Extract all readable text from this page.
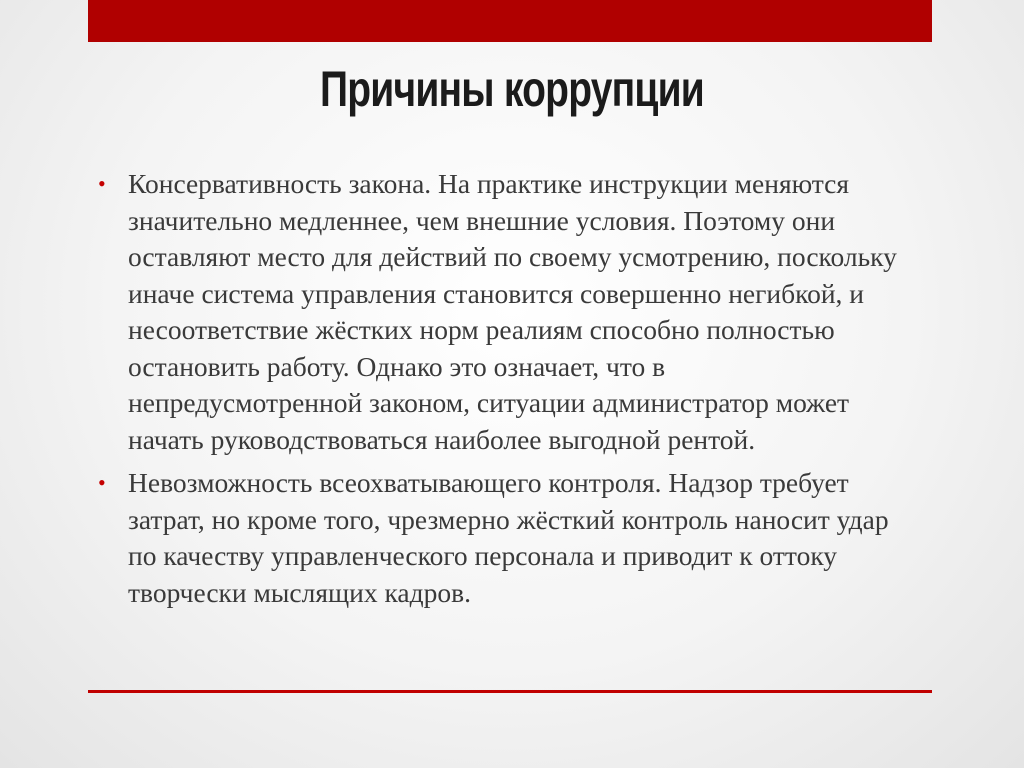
Причины коррупции
• Консервативность закона. На практике инструкции меняются значительно медленнее, чем внешние условия. Поэтому они оставляют место для действий по своему усмотрению, поскольку иначе система управления становится совершенно негибкой, и несоответствие жёстких норм реалиям способно полностью остановить работу. Однако это означает, что в непредусмотренной законом, ситуации администратор может начать руководствоваться наиболее выгодной рентой.
• Невозможность всеохватывающего контроля. Надзор требует затрат, но кроме того, чрезмерно жёсткий контроль наносит удар по качеству управленческого персонала и приводит к оттоку творчески мыслящих кадров.
